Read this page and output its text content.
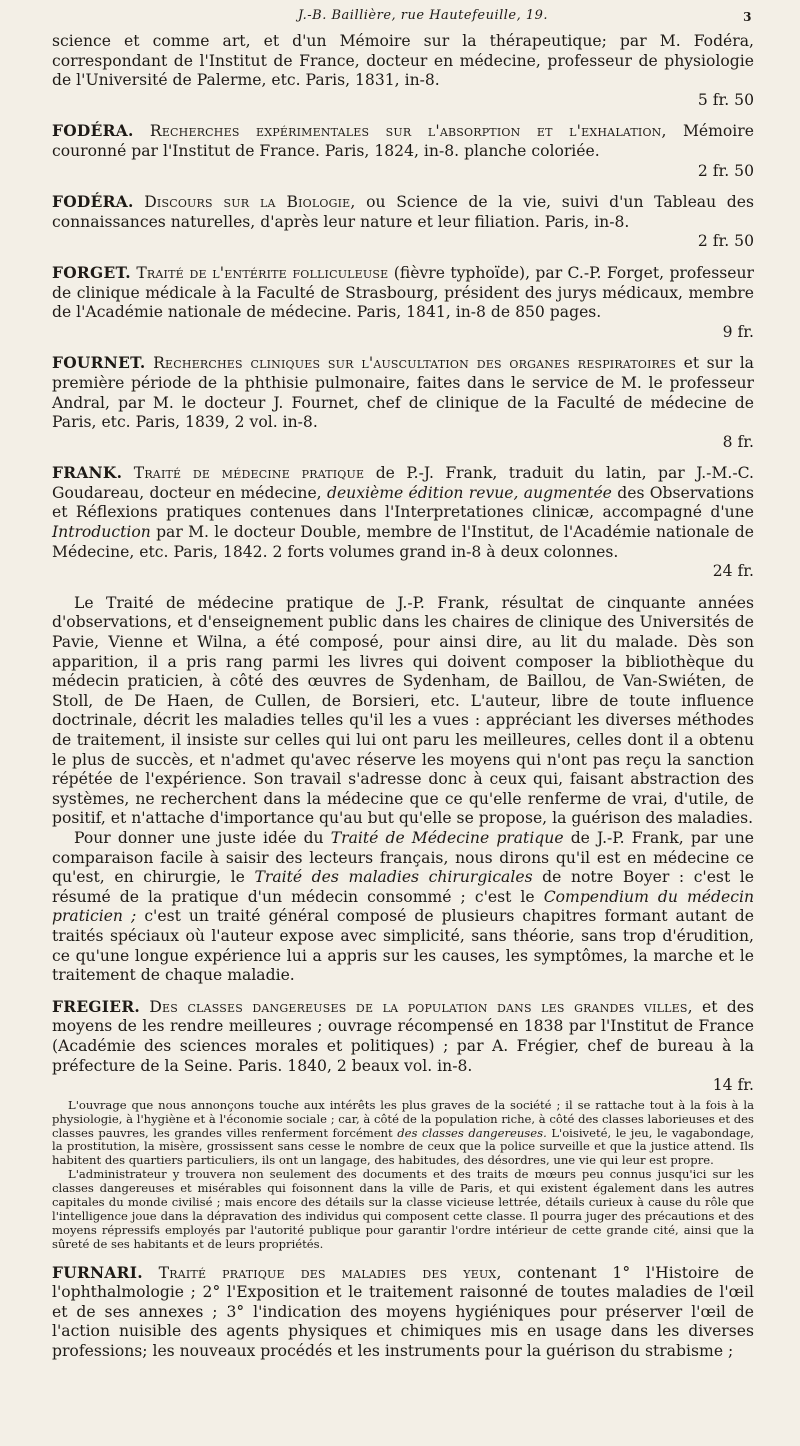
J.-B. Baillière, rue Hautefeuille, 19.	3

science et comme art, et d'un Mémoire sur la thérapeutique; par M. Fodéra, correspondant de l'Institut de France, docteur en médecine, professeur de physiologie de l'Université de Palerme, etc. Paris, 1831, in-8.
5 fr. 50

FODÉRA. Recherches expérimentales sur l'absorption et l'exhalation, Mémoire couronné par l'Institut de France. Paris, 1824, in-8. planche coloriée.
2 fr. 50

FODÉRA. Discours sur la Biologie, ou Science de la vie, suivi d'un Tableau des connaissances naturelles, d'après leur nature et leur filiation. Paris, in-8.
2 fr. 50

FORGET. Traité de l'entérite folliculeuse (fièvre typhoïde), par C.-P. Forget, professeur de clinique médicale à la Faculté de Strasbourg, président des jurys médicaux, membre de l'Académie nationale de médecine. Paris, 1841, in-8 de 850 pages.
9 fr.

FOURNET. Recherches cliniques sur l'auscultation des organes respiratoires et sur la première période de la phthisie pulmonaire, faites dans le service de M. le professeur Andral, par M. le docteur J. Fournet, chef de clinique de la Faculté de médecine de Paris, etc. Paris, 1839, 2 vol. in-8.
8 fr.

FRANK. Traité de médecine pratique de P.-J. Frank, traduit du latin, par J.-M.-C. Goudareau, docteur en médecine, deuxième édition revue, augmentée des Observations et Réflexions pratiques contenues dans l'Interpretationes clinicæ, accompagné d'une Introduction par M. le docteur Double, membre de l'Institut, de l'Académie nationale de Médecine, etc. Paris, 1842. 2 forts volumes grand in-8 à deux colonnes.
24 fr.

Le Traité de médecine pratique de J.-P. Frank, résultat de cinquante années d'observations, et d'enseignement public dans les chaires de clinique des Universités de Pavie, Vienne et Wilna, a été composé, pour ainsi dire, au lit du malade. Dès son apparition, il a pris rang parmi les livres qui doivent composer la bibliothèque du médecin praticien, à côté des œuvres de Sydenham, de Baillou, de Van-Swiéten, de Stoll, de De Haen, de Cullen, de Borsieri, etc. L'auteur, libre de toute influence doctrinale, décrit les maladies telles qu'il les a vues : appréciant les diverses méthodes de traitement, il insiste sur celles qui lui ont paru les meilleures, celles dont il a obtenu le plus de succès, et n'admet qu'avec réserve les moyens qui n'ont pas reçu la sanction répétée de l'expérience. Son travail s'adresse donc à ceux qui, faisant abstraction des systèmes, ne recherchent dans la médecine que ce qu'elle renferme de vrai, d'utile, de positif, et n'attache d'importance qu'au but qu'elle se propose, la guérison des maladies.

Pour donner une juste idée du Traité de Médecine pratique de J.-P. Frank, par une comparaison facile à saisir des lecteurs français, nous dirons qu'il est en médecine ce qu'est, en chirurgie, le Traité des maladies chirurgicales de notre Boyer : c'est le résumé de la pratique d'un médecin consommé ; c'est le Compendium du médecin praticien ; c'est un traité général composé de plusieurs chapitres formant autant de traités spéciaux où l'auteur expose avec simplicité, sans théorie, sans trop d'érudition, ce qu'une longue expérience lui a appris sur les causes, les symptômes, la marche et le traitement de chaque maladie.

FREGIER. Des classes dangereuses de la population dans les grandes villes, et des moyens de les rendre meilleures ; ouvrage récompensé en 1838 par l'Institut de France (Académie des sciences morales et politiques) ; par A. Frégier, chef de bureau à la préfecture de la Seine. Paris. 1840, 2 beaux vol. in-8.
14 fr.

L'ouvrage que nous annonçons touche aux intérêts les plus graves de la société ; il se rattache tout à la fois à la physiologie, à l'hygiène et à l'économie sociale ; car, à côté de la population riche, à côté des classes laborieuses et des classes pauvres, les grandes villes renferment forcément des classes dangereuses. L'oisiveté, le jeu, le vagabondage, la prostitution, la misère, grossissent sans cesse le nombre de ceux que la police surveille et que la justice attend. Ils habitent des quartiers particuliers, ils ont un langage, des habitudes, des désordres, une vie qui leur est propre.

L'administrateur y trouvera non seulement des documents et des traits de mœurs peu connus jusqu'ici sur les classes dangereuses et misérables qui foisonnent dans la ville de Paris, et qui existent également dans les autres capitales du monde civilisé ; mais encore des détails sur la classe vicieuse lettrée, détails curieux à cause du rôle que l'intelligence joue dans la dépravation des individus qui composent cette classe. Il pourra juger des précautions et des moyens répressifs employés par l'autorité publique pour garantir l'ordre intérieur de cette grande cité, ainsi que la sûreté de ses habitants et de leurs propriétés.

FURNARI. Traité pratique des maladies des yeux, contenant 1° l'Histoire de l'ophthalmologie ; 2° l'Exposition et le traitement raisonné de toutes maladies de l'œil et de ses annexes ; 3° l'indication des moyens hygiéniques pour préserver l'œil de l'action nuisible des agents physiques et chimiques mis en usage dans les diverses professions; les nouveaux procédés et les instruments pour la guérison du strabisme ;
